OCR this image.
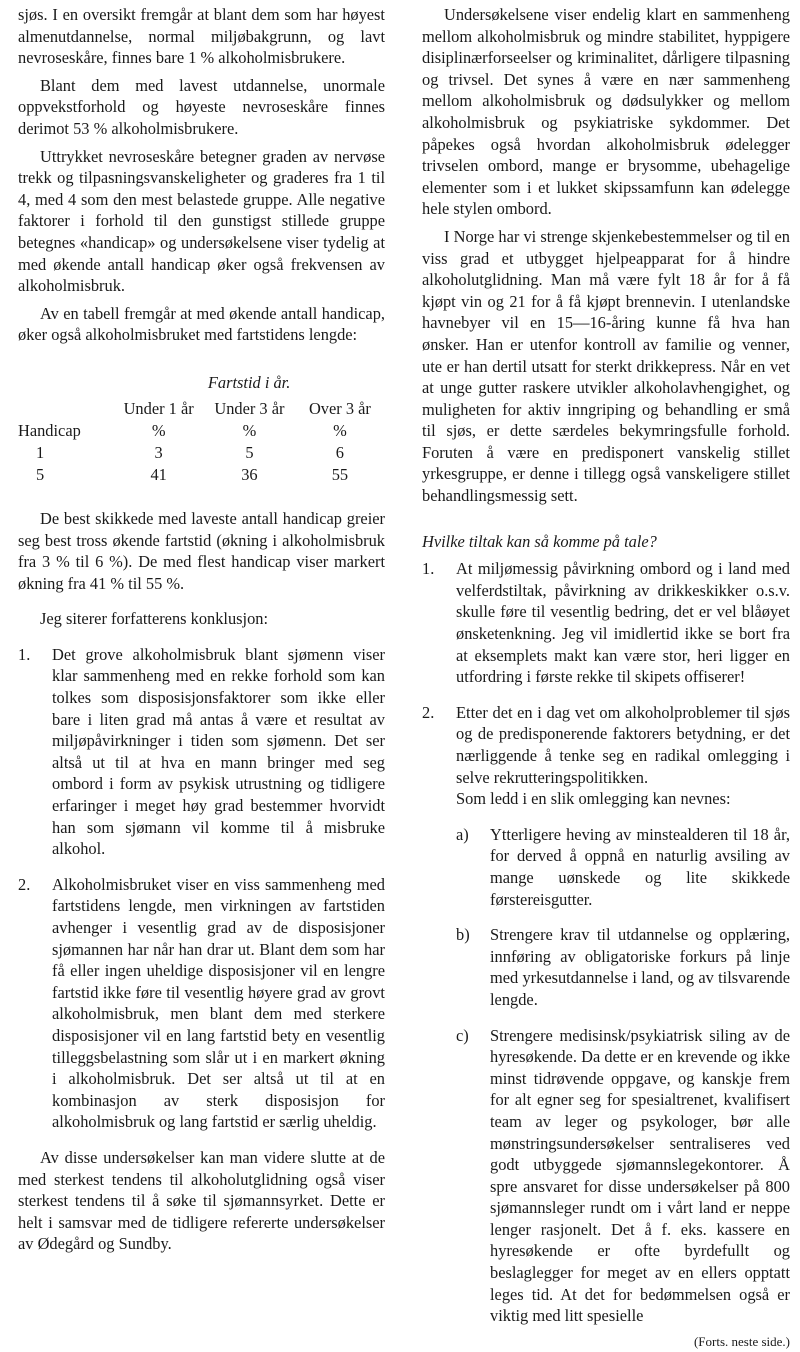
sjøs. I en oversikt fremgår at blant dem som har høyest almenutdannelse, normal miljøbakgrunn, og lavt nevroseskåre, finnes bare 1 % alkoholmisbrukere.

Blant dem med lavest utdannelse, unormale oppvekstforhold og høyeste nevroseskåre finnes derimot 53 % alkoholmisbrukere.

Uttrykket nevroseskåre betegner graden av nervøse trekk og tilpasningsvanskeligheter og graderes fra 1 til 4, med 4 som den mest belastede gruppe. Alle negative faktorer i forhold til den gunstigst stillede gruppe betegnes «handicap» og undersøkelsene viser tydelig at med økende antall handicap øker også frekvensen av alkoholmisbruk.

Av en tabell fremgår at med økende antall handicap, øker også alkoholmisbruket med fartstidens lengde:

	Fartstid i år.		
	Under 1 år	Under 3 år	Over 3 år
Handicap	%	%	%
1	3	5	6
5	41	36	55

De best skikkede med laveste antall handicap greier seg best tross økende fartstid (økning i alkoholmisbruk fra 3 % til 6 %). De med flest handicap viser markert økning fra 41 % til 55 %.

Jeg siterer forfatterens konklusjon:

1. Det grove alkoholmisbruk blant sjømenn viser klar sammenheng med en rekke forhold som kan tolkes som disposisjonsfaktorer som ikke eller bare i liten grad må antas å være et resultat av miljøpåvirkninger i tiden som sjømenn. Det ser altså ut til at hva en mann bringer med seg ombord i form av psykisk utrustning og tidligere erfaringer i meget høy grad bestemmer hvorvidt han som sjømann vil komme til å misbruke alkohol.
2. Alkoholmisbruket viser en viss sammenheng med fartstidens lengde, men virkningen av fartstiden avhenger i vesentlig grad av de disposisjoner sjømannen har når han drar ut. Blant dem som har få eller ingen uheldige disposisjoner vil en lengre fartstid ikke føre til vesentlig høyere grad av grovt alkoholmisbruk, men blant dem med sterkere disposisjoner vil en lang fartstid bety en vesentlig tilleggsbelastning som slår ut i en markert økning i alkoholmisbruk. Det ser altså ut til at en kombinasjon av sterk disposisjon for alkoholmisbruk og lang fartstid er særlig uheldig.

Av disse undersøkelser kan man videre slutte at de med sterkest tendens til alkoholutglidning også viser sterkest tendens til å søke til sjømannsyrket. Dette er helt i samsvar med de tidligere refererte undersøkelser av Ødegård og Sundby.

Undersøkelsene viser endelig klart en sammenheng mellom alkoholmisbruk og mindre stabilitet, hyppigere disiplinærforseelser og kriminalitet, dårligere tilpasning og trivsel. Det synes å være en nær sammenheng mellom alkoholmisbruk og dødsulykker og mellom alkoholmisbruk og psykiatriske sykdommer. Det påpekes også hvordan alkoholmisbruk ødelegger trivselen ombord, mange er brysomme, ubehagelige elementer som i et lukket skipssamfunn kan ødelegge hele stylen ombord.

I Norge har vi strenge skjenkebestemmelser og til en viss grad et utbygget hjelpeapparat for å hindre alkoholutglidning. Man må være fylt 18 år for å få kjøpt vin og 21 for å få kjøpt brennevin. I utenlandske havnebyer vil en 15—16-åring kunne få hva han ønsker. Han er utenfor kontroll av familie og venner, ute er han dertil utsatt for sterkt drikkepress. Når en vet at unge gutter raskere utvikler alkoholavhengighet, og muligheten for aktiv inngriping og behandling er små til sjøs, er dette særdeles bekymringsfulle forhold. Foruten å være en predisponert vanskelig stillet yrkesgruppe, er denne i tillegg også vanskeligere stillet behandlingsmessig sett.

Hvilke tiltak kan så komme på tale?

1. At miljømessig påvirkning ombord og i land med velferdstiltak, påvirkning av drikkeskikker o.s.v. skulle føre til vesentlig bedring, det er vel blåøyet ønsketenkning. Jeg vil imidlertid ikke se bort fra at eksemplets makt kan være stor, heri ligger en utfordring i første rekke til skipets offiserer!
2. Etter det en i dag vet om alkoholproblemer til sjøs og de predisponerende faktorers betydning, er det nærliggende å tenke seg en radikal omlegging i selve rekrutteringspolitikken.

Som ledd i en slik omlegging kan nevnes:

a) Ytterligere heving av minstealderen til 18 år, for derved å oppnå en naturlig avsiling av mange uønskede og lite skikkede førstereisgutter.
b) Strengere krav til utdannelse og opplæring, innføring av obligatoriske forkurs på linje med yrkesutdannelse i land, og av tilsvarende lengde.
c) Strengere medisinsk/psykiatrisk siling av de hyresøkende. Da dette er en krevende og ikke minst tidrøvende oppgave, og kanskje frem for alt egner seg for spesialtrenet, kvalifisert team av leger og psykologer, bør alle mønstringsundersøkelser sentraliseres ved godt utbyggede sjømannslegekontorer. Å spre ansvaret for disse undersøkelser på 800 sjømannsleger rundt om i vårt land er neppe lenger rasjonelt. Det å f. eks. kassere en hyresøkende er ofte byrdefullt og beslaglegger for meget av en ellers opptatt leges tid. At det for bedømmelsen også er viktig med litt spesielle

(Forts. neste side.)
